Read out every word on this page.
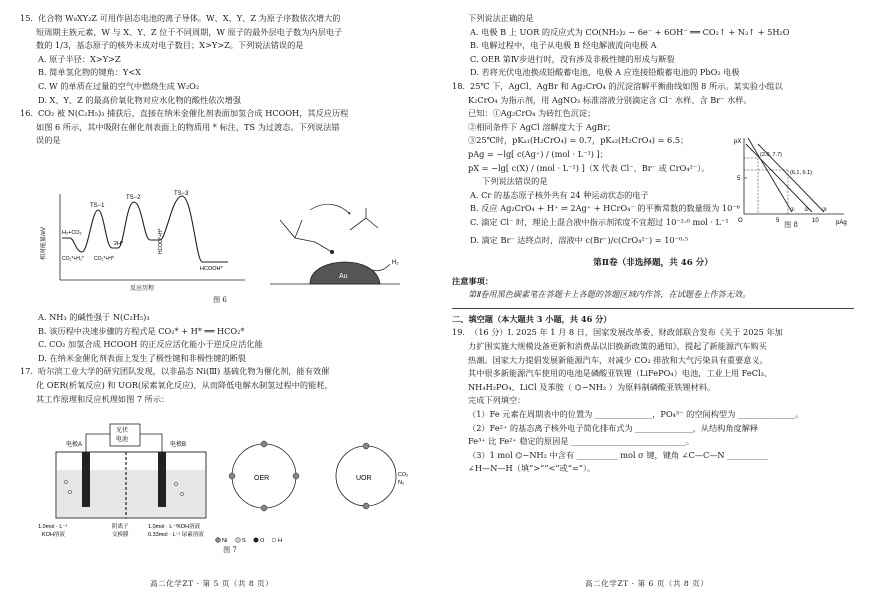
15. 化合物 W₈XY₂Z 可用作固态电池的离子导体。W、X、Y、Z 为原子序数依次增大的
短周期主族元素，W 与 X、Y、Z 位于不同周期，W 原子的最外层电子数为内层电子
数的 1/3，基态原子的核外未成对电子数目；X>Y>Z。下列说法错误的是
A. 原子半径：X>Y>Z
B. 简单氢化物的键角：Y<X
C. W 的单质在过量的空气中燃烧生成 W₂O₂
D. X、Y、Z 的最高价氧化物对应水化物的酸性依次增强
16. CO₂ 被 N(C₂H₅)₃ 捕获后，直接在纳米金催化剂表面加氢合成 HCOOH，其反应历程
如图 6 所示，其中吸附在催化剂表面上的物质用 * 标注，TS 为过渡态。下列说法错
误的是
相对能量/eV
反应历程
TS−1
TS−2
TS−3
H₂+CO₂
CO₂*+H₂* CO₂*+H*
2H*	HCOO*+H*
HCOOH*
Au
H₂
图 6
A. NH₃ 的碱性强于 N(C₂H₅)₃
B. 该历程中决速步骤的方程式是 CO₂* + H* ══ HCO₂*
C. CO₂ 加氢合成 HCOOH 的正反应活化能小于逆反应活化能
D. 在纳米金催化剂表面上发生了极性键和非极性键的断裂
17. 哈尔滨工业大学的研究团队发现，以非晶态 Ni(Ⅲ) 基硫化物为催化剂，能有效催
化 OER(析氧反应) 和 UOR(尿素氧化反应)，从而降低电解水制氢过程中的能耗，
其工作原理和反应机理如图 7 所示：
光伏
电池
电极A	电极B
1.0mol · L⁻¹
KOH溶液
阴离子
交换膜
1.0mol · L⁻¹KOH溶液
0.33mol · L⁻¹ 尿素溶液
OER	UOR	CO₂
N₂
Ni	S	O H
图 7
下列说法正确的是
A. 电极 B 上 UOR 的反应式为 CO(NH₂)₂ − 6e⁻ + 6OH⁻ ══ CO₂↑ + N₂↑ + 5H₂O
B. 电解过程中，电子从电极 B 经电解液流向电极 A
C. OER 第Ⅳ步进行时，没有涉及非极性键的形成与断裂
D. 若将光伏电池换成铅酸蓄电池，电极 A 应连接铅酸蓄电池的 PbO₂ 电极
18. 25℃ 下，AgCl、AgBr 和 Ag₂CrO₄ 的沉淀溶解平衡曲线如图 8 所示。某实验小组以
K₂CrO₄ 为指示剂，用 AgNO₃ 标准溶液分别滴定含 Cl⁻ 水样、含 Br⁻ 水样。
已知：①Ag₂CrO₄ 为砖红色沉淀；
②相同条件下 AgCl 溶解度大于 AgBr；
③25℃时，pKₐ₁(H₂CrO₄) = 0.7，pKₐ₂(H₂CrO₄) = 6.5；
pAg = −lg[ c(Ag⁺) / (mol · L⁻¹) ]；
pX = −lg[ c(X) / (mol · L⁻¹) ]（X 代表 Cl⁻、Br⁻ 或 CrO₄²⁻）。
下列说法错误的是
A. Cr 的基态原子核外共有 24 种运动状态的电子
B. 反应 Ag₂CrO₄ + H⁺ ⇌ 2Ag⁺ + HCrO₄⁻ 的平衡常数的数量级为 10⁻⁶
C. 滴定 Cl⁻ 时，理论上混合液中指示剂浓度不宜超过 10⁻²·⁰ mol · L⁻¹
D. 滴定 Br⁻ 达终点时，溶液中 c(Br⁻)/c(CrO₄²⁻) = 10⁻⁰·⁵
第Ⅱ卷（非选择题，共 46 分）
注意事项：
第Ⅱ卷用黑色碳素笔在答题卡上各题的答题区域内作答，在试题卷上作答无效。
二、填空题（本大题共 3 小题，共 46 分）
19. （16 分）Ⅰ. 2025 年 1 月 8 日，国家发展改革委、财政部联合发布《关于 2025 年加
力扩围实施大规模设备更新和消费品以旧换新政策的通知》，提起了新能源汽车购买
热潮。国家大力提倡发展新能源汽车，对减少 CO₂ 排放和大气污染具有重要意义。
其中很多新能源汽车使用的电池是磷酸亚铁锂（LiFePO₄）电池，工业上用 FeCl₃、
NH₄H₂PO₄、LiCl 及苯胺（ ⌬−NH₂ ）为原料制磷酸亚铁锂材料。
完成下列填空：
（1）Fe 元素在周期表中的位置为 ______________，PO₄³⁻ 的空间构型为 ______________。
（2）Fe²⁺ 的基态离子核外电子简化排布式为 ______________，从结构角度解释
Fe³⁺ 比 Fe²⁺ 稳定的原因是 ____________________________。
（3）1 mol ⌬−NH₂ 中含有 __________ mol σ 键，键角 ∠C—C—N __________
∠H—N—H（填“>”“<”或“=”）。
pX
pAg
O	5	10
5
(2.0, 7.7)
(6.1, 6.1)
① ② ③
图 8
高二化学ZT · 第 5 页（共 8 页）	高二化学ZT · 第 6 页（共 8 页）
